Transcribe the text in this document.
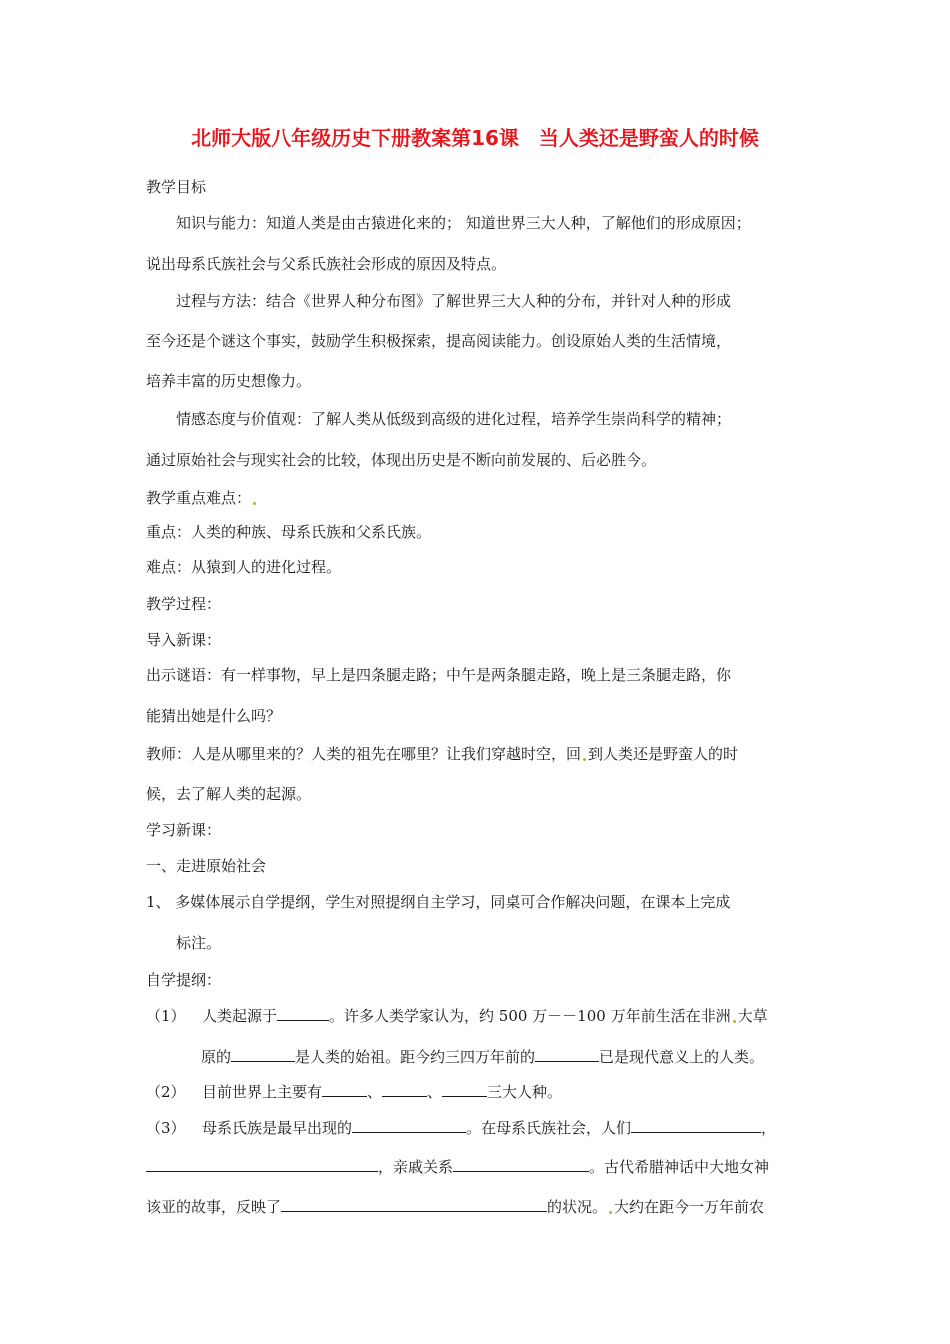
北师大版八年级历史下册教案第16课　当人类还是野蛮人的时候
教学目标
知识与能力：知道人类是由古猿进化来的； 知道世界三大人种，了解他们的形成原因；
说出母系氏族社会与父系氏族社会形成的原因及特点。
过程与方法：结合《世界人种分布图》了解世界三大人种的分布，并针对人种的形成
至今还是个谜这个事实，鼓励学生积极探索，提高阅读能力。创设原始人类的生活情境，
培养丰富的历史想像力。
情感态度与价值观：了解人类从低级到高级的进化过程，培养学生崇尚科学的精神；
通过原始社会与现实社会的比较，体现出历史是不断向前发展的、后必胜今。
教学重点难点：
重点：人类的种族、母系氏族和父系氏族。
难点：从猿到人的进化过程。
教学过程：
导入新课：
出示谜语：有一样事物，早上是四条腿走路；中午是两条腿走路，晚上是三条腿走路，你
能猜出她是什么吗？
教师：人是从哪里来的？人类的祖先在哪里？让我们穿越时空，回 到人类还是野蛮人的时
候，去了解人类的起源。
学习新课：
一、走进原始社会
1、 多媒体展示自学提纲，学生对照提纲自主学习，同桌可合作解决问题，在课本上完成
标注。
自学提纲：
（1） 人类起源于	。许多人类学家认为，约 500 万－－100 万年前生活在非洲 大草
原的	是人类的始祖。距今约三四万年前的	已是现代意义上的人类。
（2） 目前世界上主要有	、	、	三大人种。
（3） 母系氏族是最早出现的	。在母系氏族社会，人们	，
，亲戚关系	。古代希腊神话中大地女神
该亚的故事，反映了	的状况。 大约在距今一万年前农
